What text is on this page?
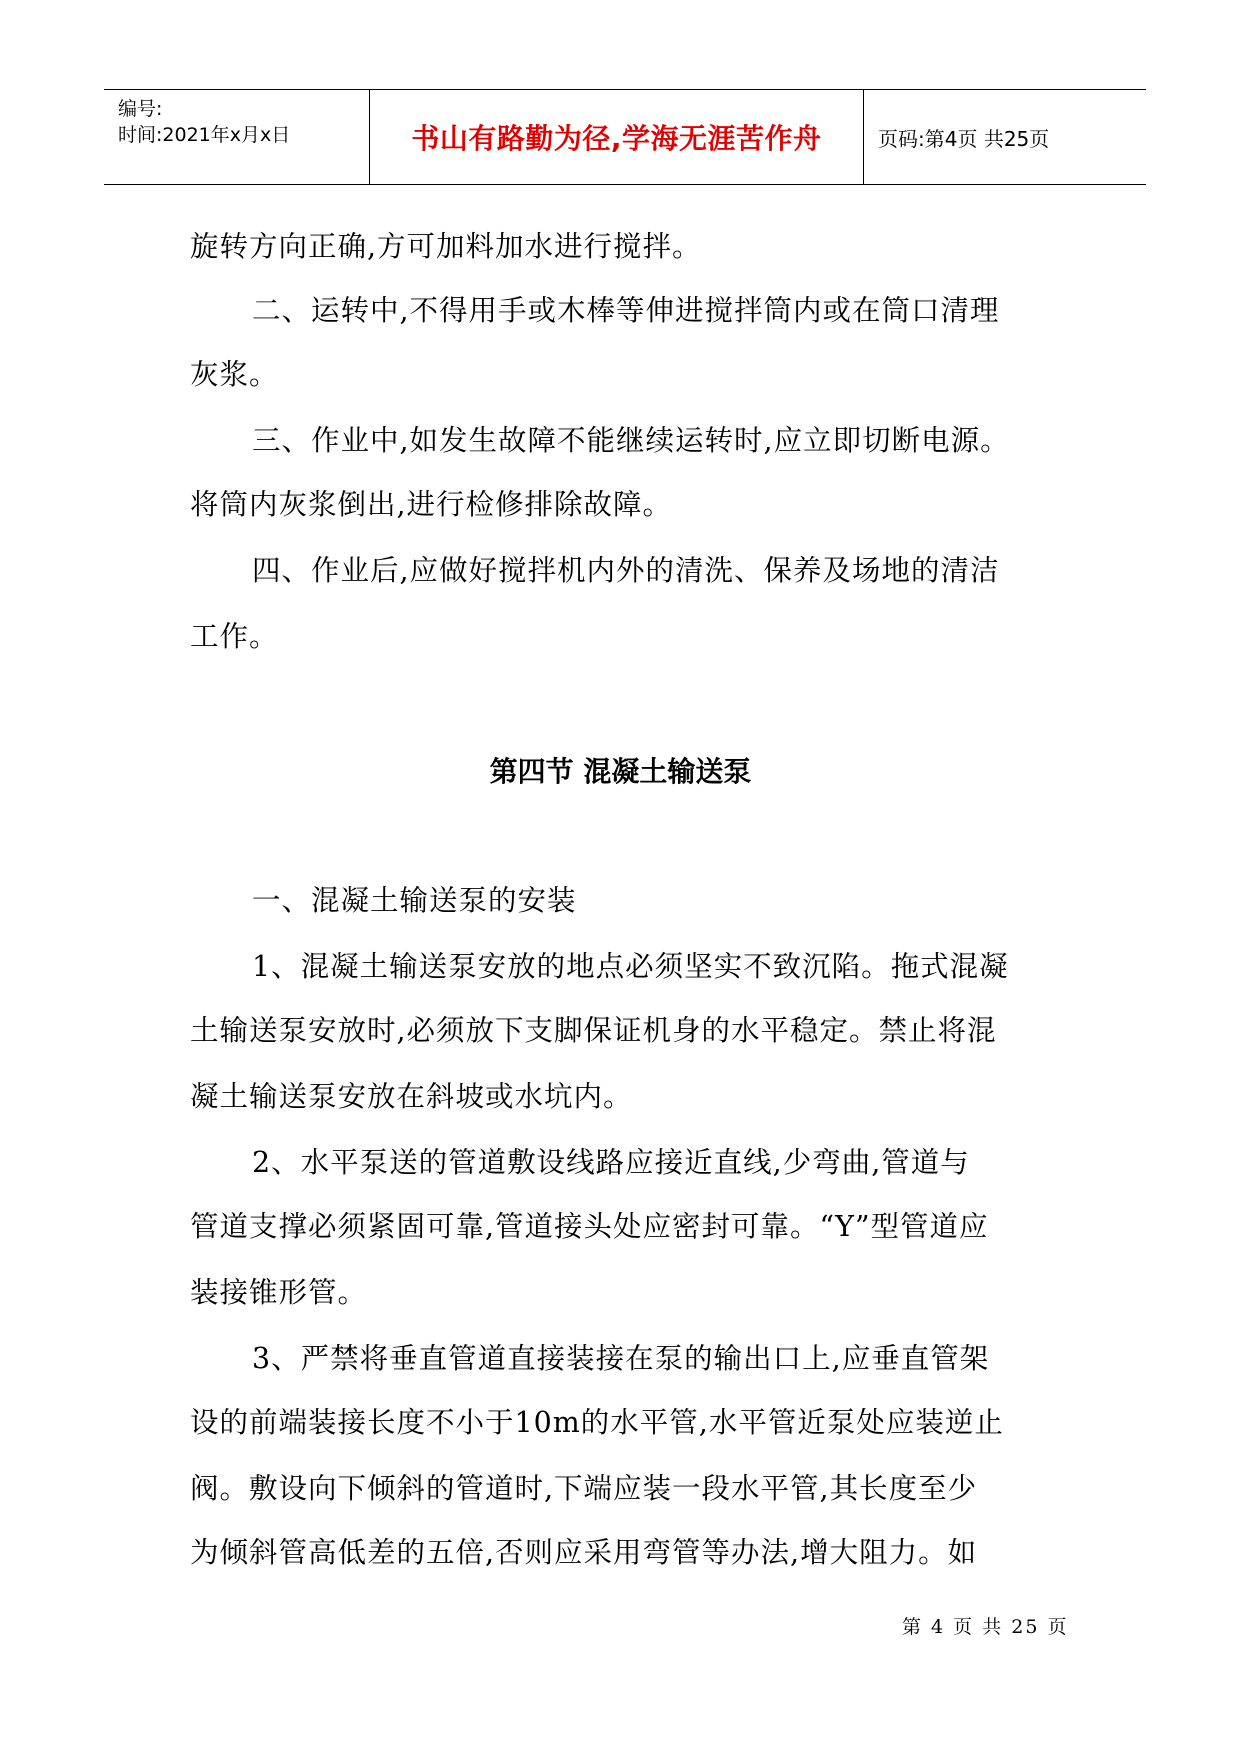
编号:
时间:2021年x月x日	书山有路勤为径,学海无涯苦作舟	页码:第4页 共25页
旋转方向正确,方可加料加水进行搅拌。
二、运转中,不得用手或木棒等伸进搅拌筒内或在筒口清理
灰浆。
三、作业中,如发生故障不能继续运转时,应立即切断电源。
将筒内灰浆倒出,进行检修排除故障。
四、作业后,应做好搅拌机内外的清洗、保养及场地的清洁
工作。
第四节 混凝土输送泵
一、混凝土输送泵的安装
1、混凝土输送泵安放的地点必须坚实不致沉陷。拖式混凝
土输送泵安放时,必须放下支脚保证机身的水平稳定。禁止将混
凝土输送泵安放在斜坡或水坑内。
2、水平泵送的管道敷设线路应接近直线,少弯曲,管道与
管道支撑必须紧固可靠,管道接头处应密封可靠。“Y”型管道应
装接锥形管。
3、严禁将垂直管道直接装接在泵的输出口上,应垂直管架
设的前端装接长度不小于10m的水平管,水平管近泵处应装逆止
阀。敷设向下倾斜的管道时,下端应装一段水平管,其长度至少
为倾斜管高低差的五倍,否则应采用弯管等办法,增大阻力。如
第 4 页 共 25 页
